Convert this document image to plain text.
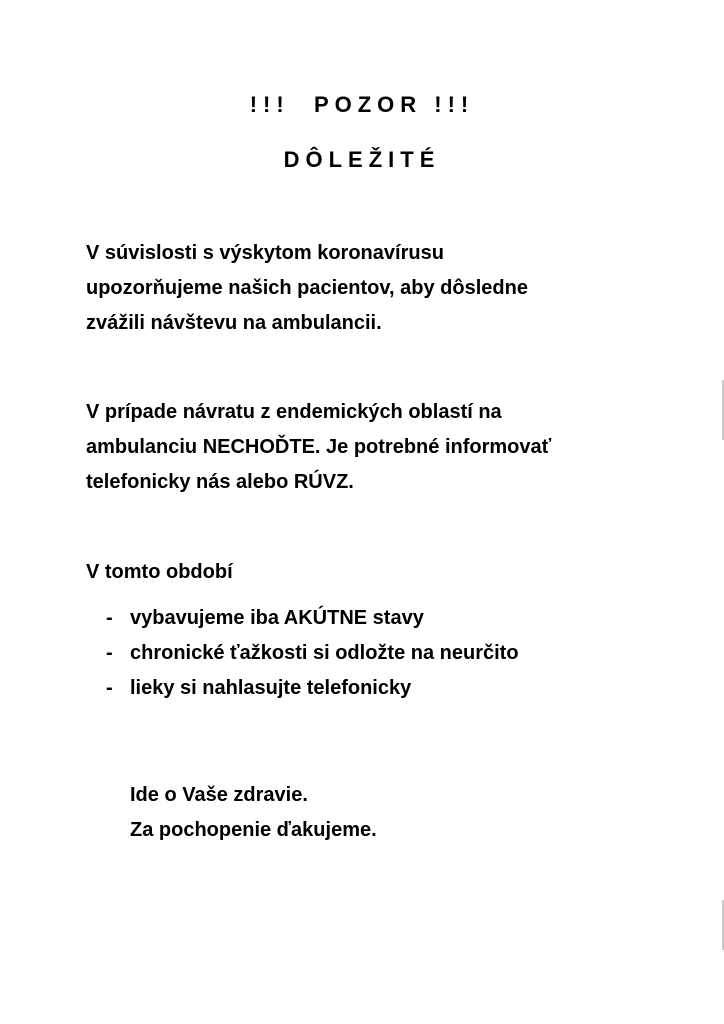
!!!  POZOR !!!
DÔLEŽITÉ

V súvislosti s výskytom koronavírusu
upozorňujeme našich pacientov, aby dôsledne
zvážili návštevu na ambulancii.

V prípade návratu z endemických oblastí na
ambulanciu NECHOĎTE. Je potrebné informovať
telefonicky nás alebo RÚVZ.

V tomto období

- vybavujeme iba AKÚTNE stavy
- chronické ťažkosti si odložte na neurčito
- lieky si nahlasujte telefonicky
Ide o Vaše zdravie.
Za pochopenie ďakujeme.
